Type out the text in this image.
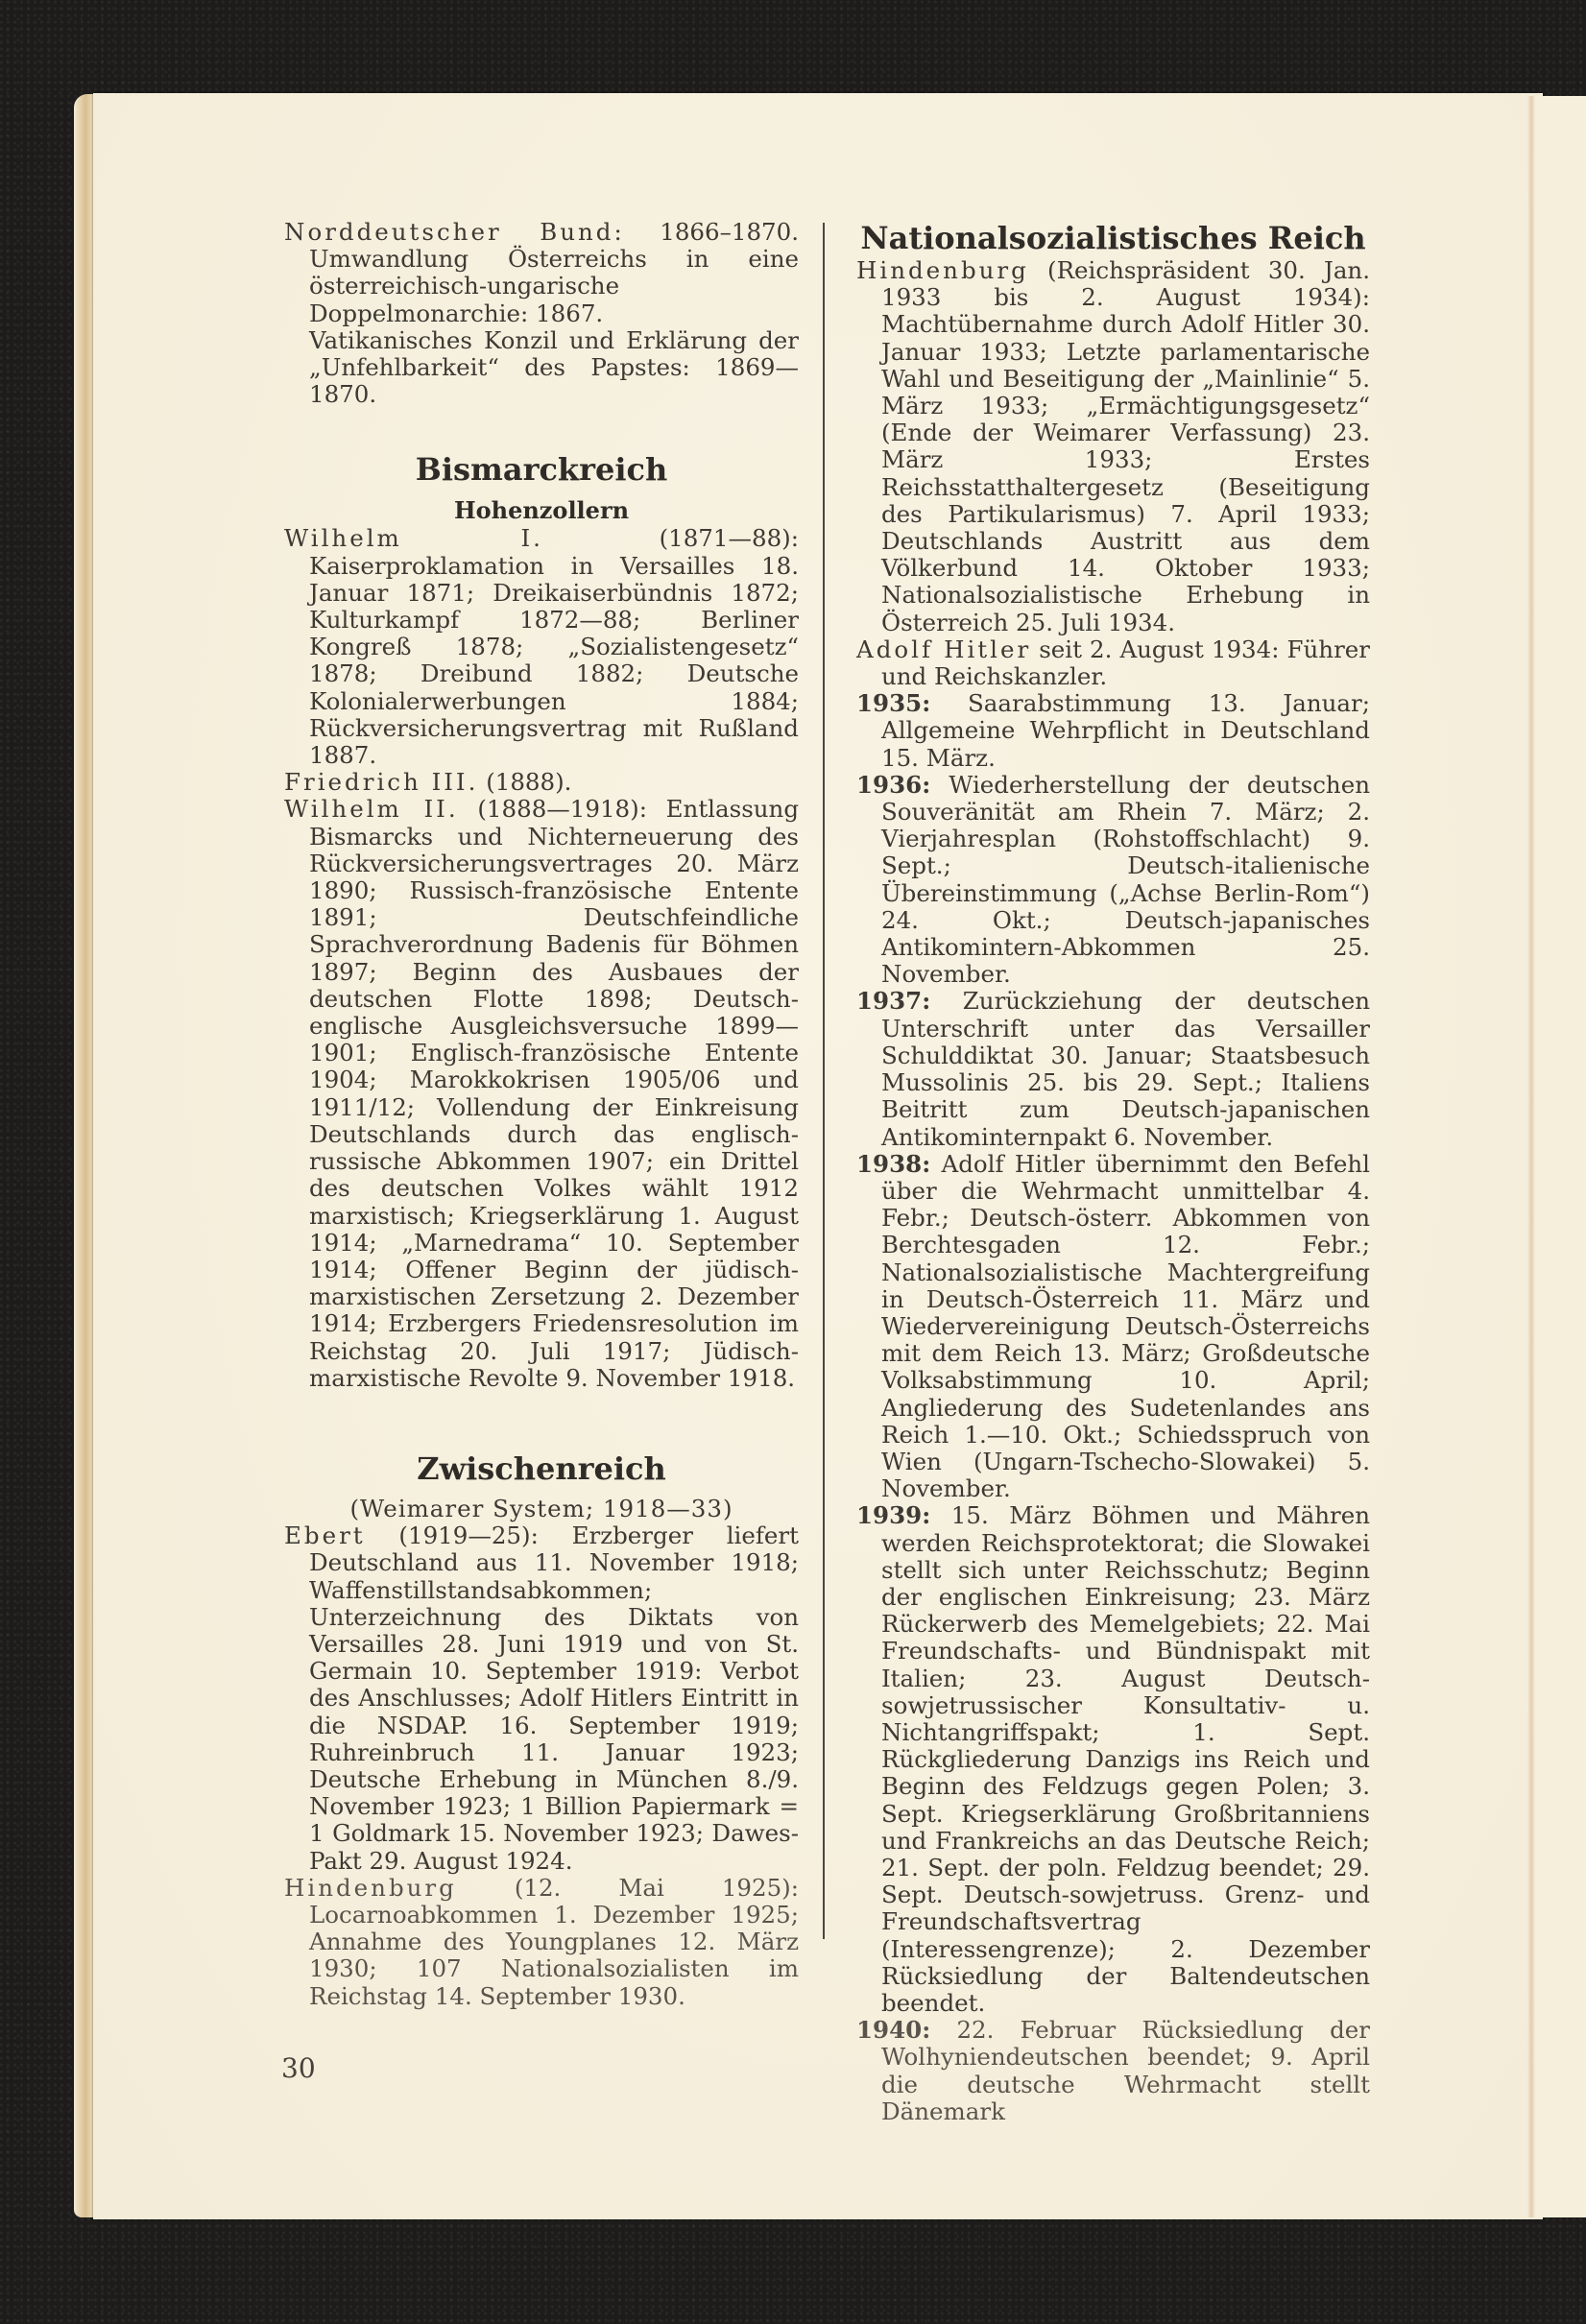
Norddeutscher Bund: 1866–1870. Umwandlung Österreichs in eine österreichisch-ungarische Doppelmonarchie: 1867.

Vatikanisches Konzil und Erklärung der „Unfehlbarkeit“ des Papstes: 1869—1870.

Bismarckreich
Hohenzollern

Wilhelm I.	(1871—88): Kaiserproklamation in Versailles 18. Januar 1871; Dreikaiserbündnis 1872; Kulturkampf 1872—88; Berliner Kongreß 1878; „Sozialistengesetz“ 1878; Dreibund 1882; Deutsche Kolonialerwerbungen 1884; Rückversicherungsvertrag mit Rußland 1887.

Friedrich III. (1888).

Wilhelm II. (1888—1918): Entlassung Bismarcks und Nichterneuerung des Rückversicherungsvertrages 20. März 1890; Russisch-französische Entente 1891; Deutschfeindliche Sprachverordnung Badenis für Böhmen 1897; Beginn des Ausbaues der deutschen Flotte 1898; Deutsch-englische Ausgleichsversuche 1899—1901; Englisch-französische Entente 1904; Marokkokrisen 1905/06 und 1911/12; Vollendung der Einkreisung Deutschlands durch das englisch-russische Abkommen 1907; ein Drittel des deutschen Volkes wählt 1912 marxistisch; Kriegserklärung 1. August 1914; „Marnedrama“ 10. September 1914; Offener Beginn der jüdisch-marxistischen Zersetzung 2. Dezember 1914; Erzbergers Friedensresolution im Reichstag 20. Juli 1917; Jüdisch-marxistische Revolte 9. November 1918.

Zwischenreich

(Weimarer System; 1918—33)

Ebert (1919—25): Erzberger liefert Deutschland aus 11. November 1918; Waffenstillstandsabkommen; Unterzeichnung des Diktats von Versailles 28. Juni 1919 und von St. Germain 10. September 1919: Verbot des Anschlusses; Adolf Hitlers Eintritt in die NSDAP. 16. September 1919; Ruhreinbruch 11. Januar 1923; Deutsche Erhebung in München 8./9. November 1923; 1 Billion Papiermark = 1 Goldmark 15. November 1923; Dawes-Pakt 29. August 1924.

Hindenburg (12. Mai 1925): Locarnoabkommen 1. Dezember 1925; Annahme des Youngplanes 12. März 1930; 107 Nationalsozialisten im Reichstag 14. September 1930.

Nationalsozialistisches Reich

Hindenburg (Reichspräsident 30. Jan. 1933 bis 2. August 1934): Machtübernahme durch Adolf Hitler 30. Januar 1933; Letzte parlamentarische Wahl und Beseitigung der „Mainlinie“ 5. März 1933; „Ermächtigungsgesetz“ (Ende der Weimarer Verfassung) 23. März 1933; Erstes Reichsstatthaltergesetz (Beseitigung des Partikularismus) 7. April 1933; Deutschlands Austritt aus dem Völkerbund 14. Oktober 1933; Nationalsozialistische Erhebung in Österreich 25. Juli 1934.

Adolf Hitler seit 2. August 1934: Führer und Reichskanzler.

1935: Saarabstimmung 13. Januar; Allgemeine Wehrpflicht in Deutschland 15. März.

1936: Wiederherstellung der deutschen Souveränität am Rhein 7. März; 2. Vierjahresplan (Rohstoffschlacht) 9. Sept.; Deutsch-italienische Übereinstimmung („Achse Berlin-Rom“) 24. Okt.; Deutsch-japanisches Antikomintern-Abkommen 25. November.

1937: Zurückziehung der deutschen Unterschrift unter das Versailler Schulddiktat 30. Januar; Staatsbesuch Mussolinis 25. bis 29. Sept.; Italiens Beitritt zum Deutsch-japanischen Antikominternpakt 6. November.

1938: Adolf Hitler übernimmt den Befehl über die Wehrmacht unmittelbar 4. Febr.; Deutsch-österr. Abkommen von Berchtesgaden 12. Febr.; Nationalsozialistische Machtergreifung in Deutsch-Österreich 11. März und Wiedervereinigung Deutsch-Österreichs mit dem Reich 13. März; Großdeutsche Volksabstimmung 10. April; Angliederung des Sudetenlandes ans Reich 1.—10. Okt.; Schiedsspruch von Wien (Ungarn-Tschecho-Slowakei) 5. November.

1939: 15. März Böhmen und Mähren werden Reichsprotektorat; die Slowakei stellt sich unter Reichsschutz; Beginn der englischen Einkreisung; 23. März Rückerwerb des Memelgebiets; 22. Mai Freundschafts- und Bündnispakt mit Italien; 23. August Deutsch-sowjetrussischer Konsultativ- u. Nichtangriffspakt; 1. Sept. Rückgliederung Danzigs ins Reich und Beginn des Feldzugs gegen Polen; 3. Sept. Kriegserklärung Großbritanniens und Frankreichs an das Deutsche Reich; 21. Sept. der poln. Feldzug beendet; 29. Sept. Deutsch-sowjetruss. Grenz- und Freundschaftsvertrag (Interessengrenze); 2. Dezember Rücksiedlung der Baltendeutschen beendet.

1940: 22. Februar Rücksiedlung der Wolhyniendeutschen beendet; 9. April die deutsche Wehrmacht stellt Dänemark

30
